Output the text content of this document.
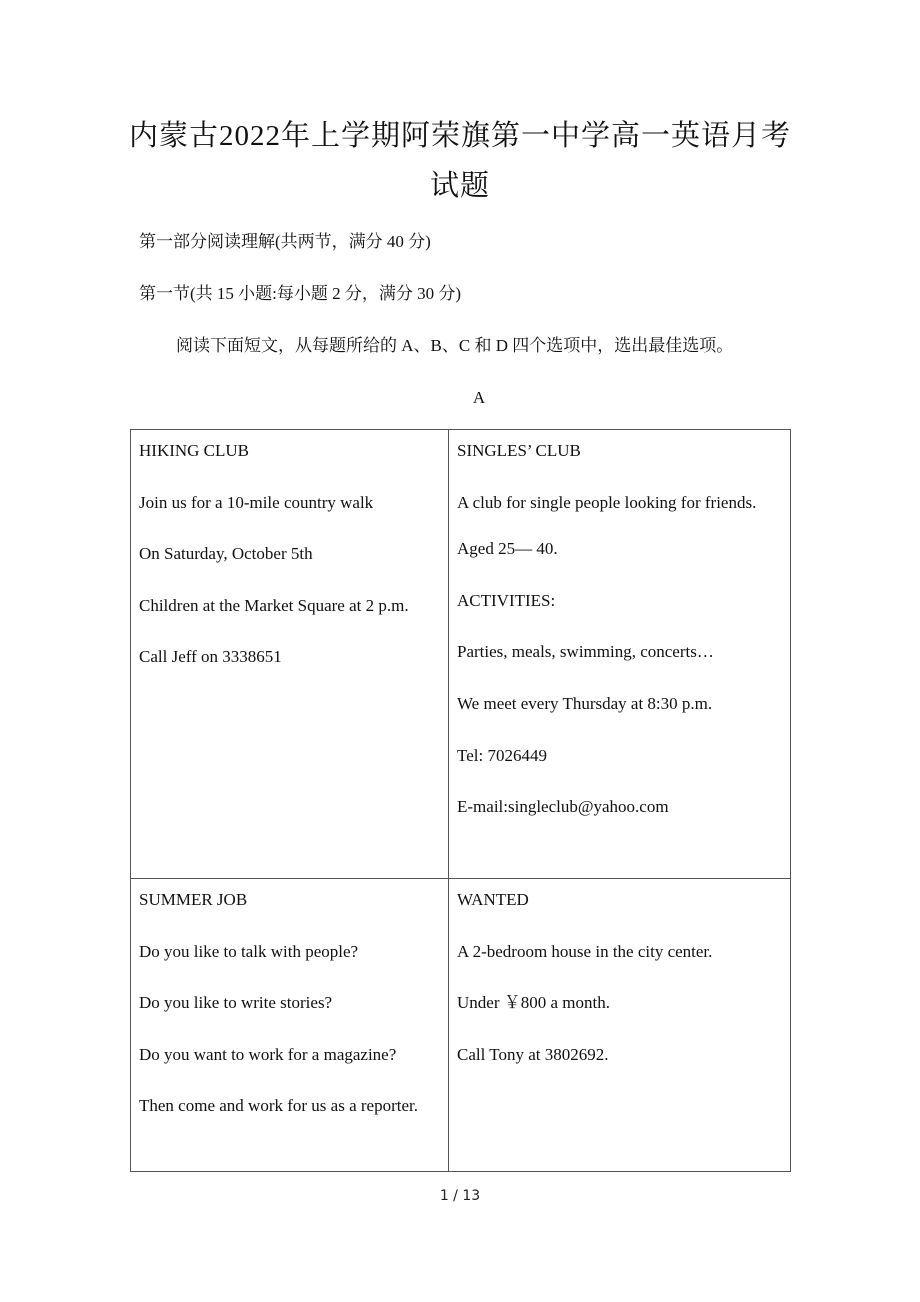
内蒙古2022年上学期阿荣旗第一中学高一英语月考
试题
第一部分阅读理解(共两节，满分 40 分)
第一节(共 15 小题:每小题 2 分，满分 30 分)
阅读下面短文，从每题所给的 A、B、C 和 D 四个选项中，选出最佳选项。
A
HIKING CLUB
Join us for a 10-mile country walk
On Saturday, October 5th
Children at the Market Square at 2 p.m.
Call Jeff on 3338651

SINGLES’ CLUB
A club for single people looking for friends.
Aged 25— 40.
ACTIVITIES:
Parties, meals, swimming, concerts…
We meet every Thursday at 8:30 p.m.
Tel: 7026449
E-mail:singleclub@yahoo.com

SUMMER JOB
Do you like to talk with people?
Do you like to write stories?
Do you want to work for a magazine?
Then come and work for us as a reporter.

WANTED
A 2-bedroom house in the city center.
Under ￥800 a month.
Call Tony at 3802692.
1 / 13
